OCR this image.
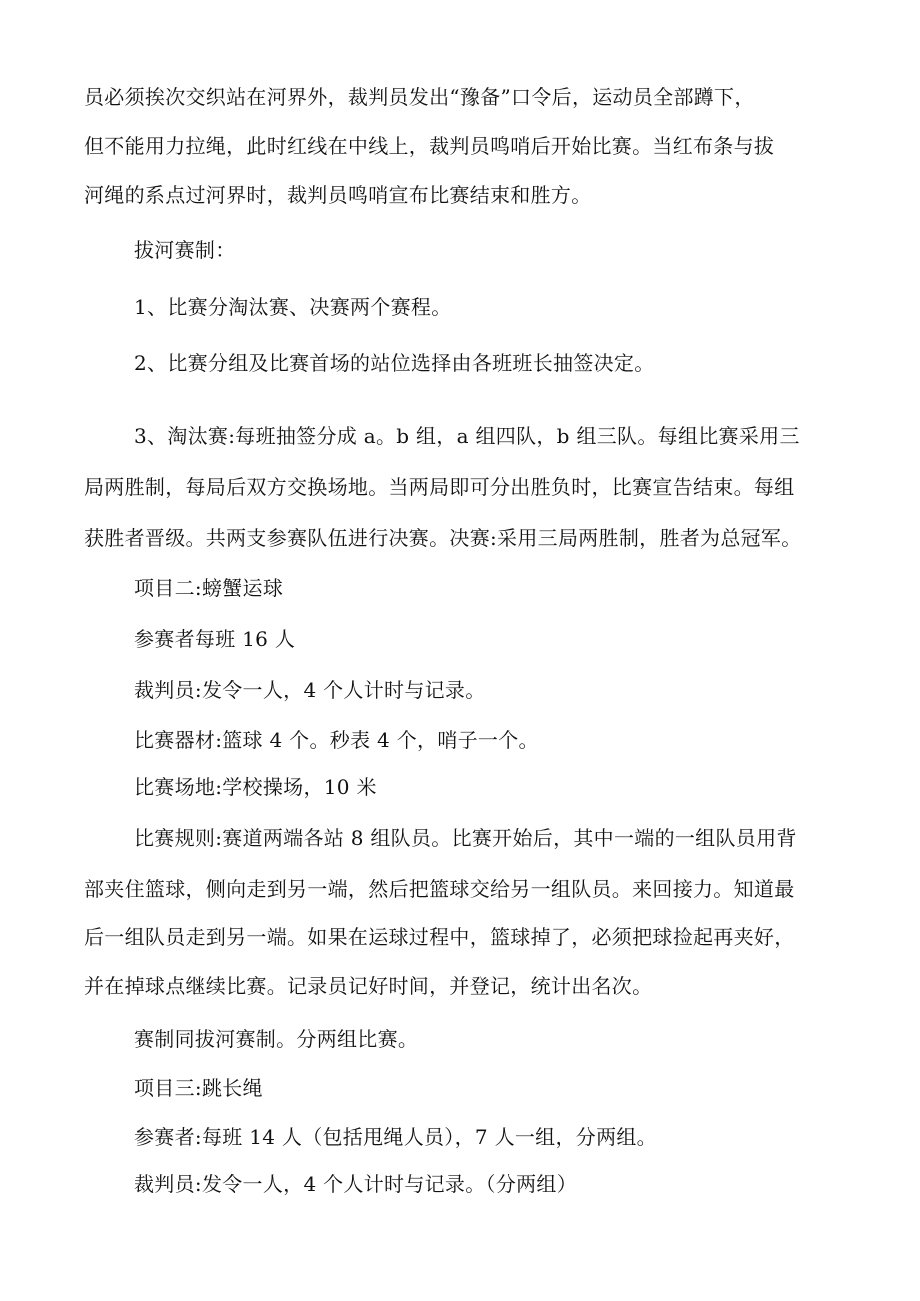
员必须挨次交织站在河界外，裁判员发出“豫备”口令后，运动员全部蹲下，
但不能用力拉绳，此时红线在中线上，裁判员鸣哨后开始比赛。当红布条与拔
河绳的系点过河界时，裁判员鸣哨宣布比赛结束和胜方。
拔河赛制：
1、比赛分淘汰赛、决赛两个赛程。
2、比赛分组及比赛首场的站位选择由各班班长抽签决定。
3、淘汰赛:每班抽签分成 a。b 组，a 组四队，b 组三队。每组比赛采用三
局两胜制，每局后双方交换场地。当两局即可分出胜负时，比赛宣告结束。每组
获胜者晋级。共两支参赛队伍进行决赛。决赛:采用三局两胜制，胜者为总冠军。
项目二:螃蟹运球
参赛者每班 16 人
裁判员:发令一人，4 个人计时与记录。
比赛器材:篮球 4 个。秒表 4 个，哨子一个。
比赛场地:学校操场，10 米
比赛规则:赛道两端各站 8 组队员。比赛开始后，其中一端的一组队员用背
部夹住篮球，侧向走到另一端，然后把篮球交给另一组队员。来回接力。知道最
后一组队员走到另一端。如果在运球过程中，篮球掉了，必须把球捡起再夹好，
并在掉球点继续比赛。记录员记好时间，并登记，统计出名次。
赛制同拔河赛制。分两组比赛。
项目三:跳长绳
参赛者:每班 14 人（包括甩绳人员），7 人一组，分两组。
裁判员:发令一人，4 个人计时与记录。（分两组）
